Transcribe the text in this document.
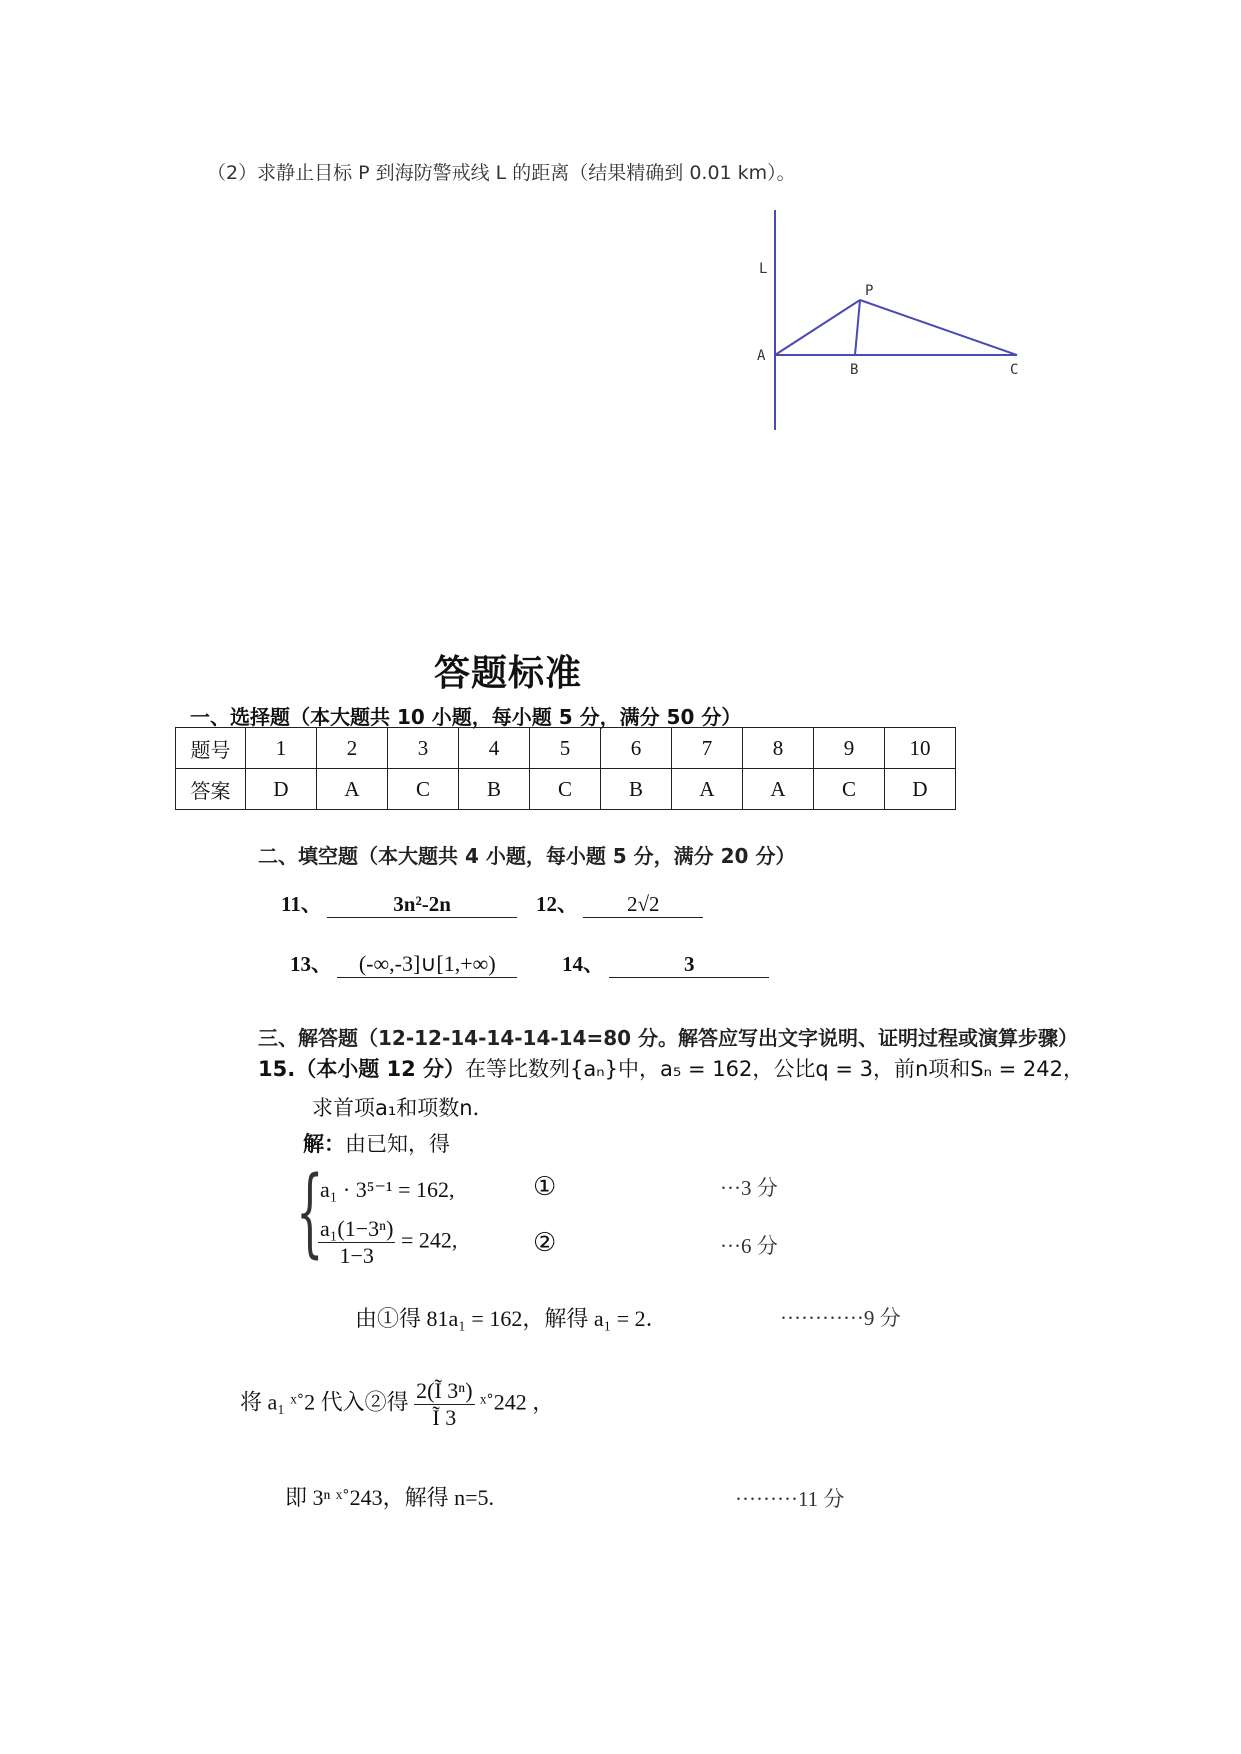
（2）求静止目标 P 到海防警戒线 L 的距离（结果精确到 0.01 km）。
L
P
A
B	C
答题标准
一、选择题（本大题共 10 小题，每小题 5 分，满分 50 分）
题号	1	2	3	4	5	6	7	8	9	10
答案	D	A	C	B	C	B	A	A	C	D
二、填空题（本大题共 4 小题，每小题 5 分，满分 20 分）
11、	3n²-2n	12、 2√2
13、 (-∞,-3]∪[1,+∞)	14、	3
三、解答题（12-12-14-14-14-14=80 分。解答应写出文字说明、证明过程或演算步骤）
15.（本小题 12 分）在等比数列{aₙ}中，a₅ = 162，公比q = 3，前n项和Sₙ = 242，
求首项a₁和项数n．
解：由已知，得
{
a₁ · 3⁵⁻¹ = 162,	①	···3 分
$\frac{\text{a₁(1−3ⁿ)}}{1-3} = 242$,	②	···6 分
由①得 81a₁ = 162，解得 a₁ = 2．	············9 分
将 a₁ ˣ˚2 代入②得 $\frac{\text{2(Ĩ 3ⁿ)}}{Ĩ 3}$ ˣ˚242 ，
即 3ⁿ ˣ˚243，解得 n=5.	·········11 分
